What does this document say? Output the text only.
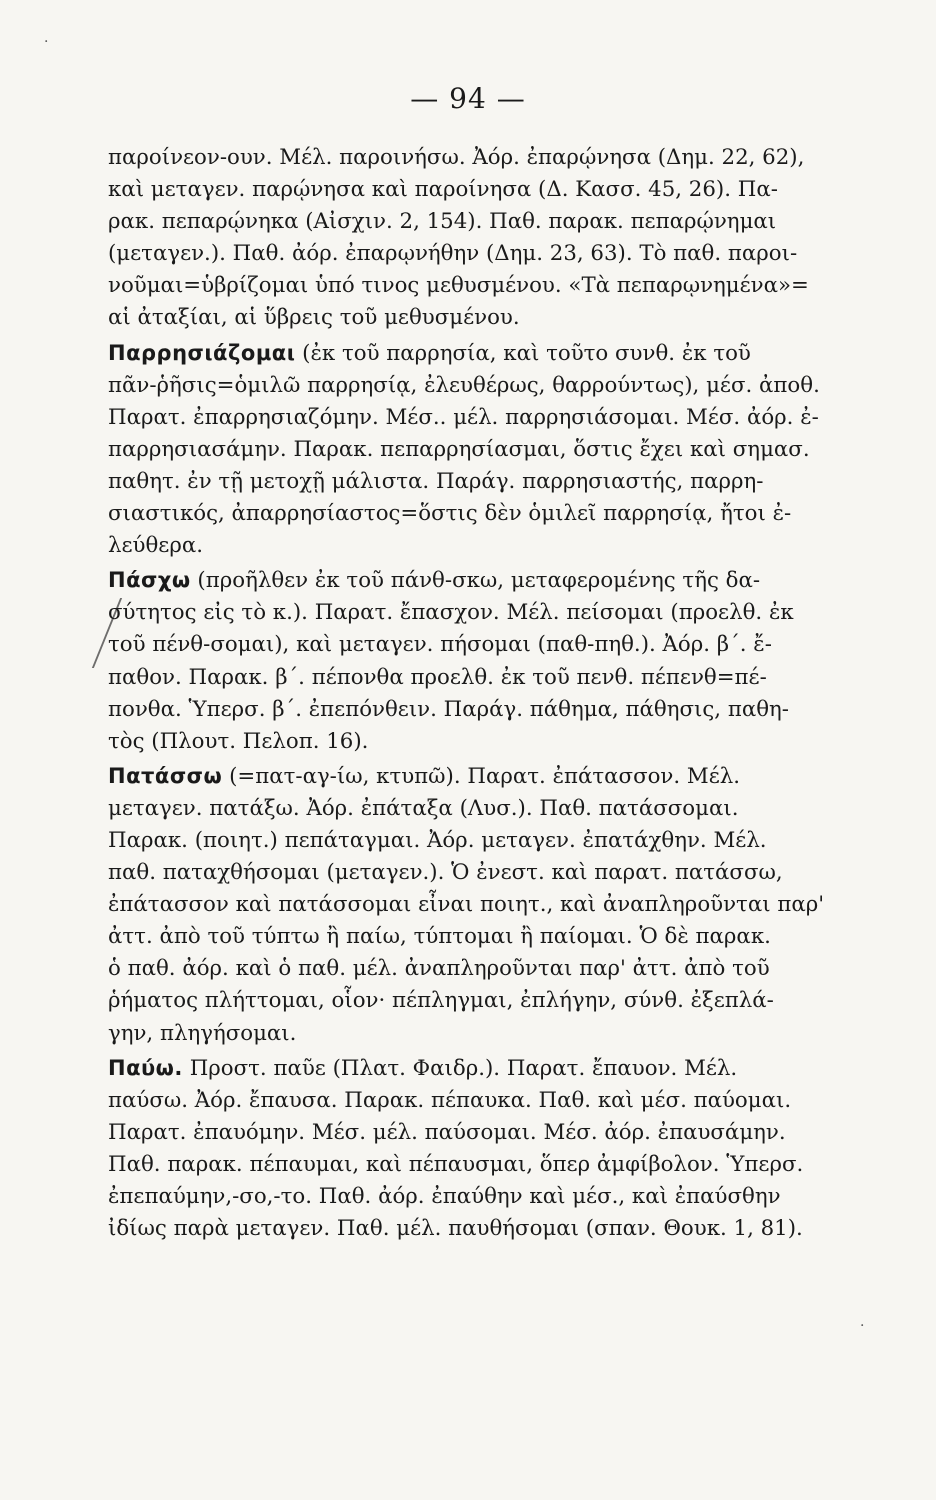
— 94 —
·
·

παροίνεον-ουν. Μέλ. παροινήσω. Ἀόρ. ἐπαρῴνησα (Δημ. 22, 62),
καὶ μεταγεν. παρῴνησα καὶ παροίνησα (Δ. Κασσ. 45, 26). Πα-
ρακ. πεπαρῴνηκα (Αἰσχιν. 2, 154). Παθ. παρακ. πεπαρῴνημαι
(μεταγεν.). Παθ. ἀόρ. ἐπαρῳνήθην (Δημ. 23, 63). Τὸ παθ. παροι-
νοῦμαι=ὑβρίζομαι ὑπό τινος μεθυσμένου. «Τὰ πεπαρῳνημένα»=
αἱ ἀταξίαι, αἱ ὕβρεις τοῦ μεθυσμένου.

Παρρησιάζομαι (ἐκ τοῦ παρρησία, καὶ τοῦτο συνθ. ἐκ τοῦ
πᾶν-ῥῆσις=ὁμιλῶ παρρησίᾳ, ἐλευθέρως, θαρρούντως), μέσ. ἀποθ.
Παρατ. ἐπαρρησιαζόμην. Μέσ.. μέλ. παρρησιάσομαι. Μέσ. ἀόρ. ἐ-
παρρησιασάμην. Παρακ. πεπαρρησίασμαι, ὅστις ἔχει καὶ σημασ.
παθητ. ἐν τῇ μετοχῇ μάλιστα. Παράγ. παρρησιαστής, παρρη-
σιαστικός, ἀπαρρησίαστος=ὅστις δὲν ὁμιλεῖ παρρησίᾳ, ἤτοι ἐ-
λεύθερα.

Πάσχω (προῆλθεν ἐκ τοῦ πάνθ-σκω, μεταφερομένης τῆς δα-
σύτητος εἰς τὸ κ.). Παρατ. ἔπασχον. Μέλ. πείσομαι (προελθ. ἐκ
τοῦ πένθ-σομαι), καὶ μεταγεν. πήσομαι (παθ-πηθ.). Ἀόρ. β΄. ἔ-
παθον. Παρακ. β΄. πέπονθα προελθ. ἐκ τοῦ πενθ. πέπενθ=πέ-
πονθα. Ὑπερσ. β΄. ἐπεπόνθειν. Παράγ. πάθημα, πάθησις, παθη-
τὸς (Πλουτ. Πελοπ. 16).

Πατάσσω (=πατ-αγ-ίω, κτυπῶ). Παρατ. ἐπάτασσον. Μέλ.
μεταγεν. πατάξω. Ἀόρ. ἐπάταξα (Λυσ.). Παθ. πατάσσομαι.
Παρακ. (ποιητ.) πεπάταγμαι. Ἀόρ. μεταγεν. ἐπατάχθην. Μέλ.
παθ. παταχθήσομαι (μεταγεν.). Ὁ ἐνεστ. καὶ παρατ. πατάσσω,
ἐπάτασσον καὶ πατάσσομαι εἶναι ποιητ., καὶ ἀναπληροῦνται παρ'
ἀττ. ἀπὸ τοῦ τύπτω ἢ παίω, τύπτομαι ἢ παίομαι. Ὁ δὲ παρακ.
ὁ παθ. ἀόρ. καὶ ὁ παθ. μέλ. ἀναπληροῦνται παρ' ἀττ. ἀπὸ τοῦ
ῥήματος πλήττομαι, οἷον· πέπληγμαι, ἐπλήγην, σύνθ. ἐξεπλά-
γην, πληγήσομαι.

Παύω. Προστ. παῦε (Πλατ. Φαιδρ.). Παρατ. ἔπαυον. Μέλ.
παύσω. Ἀόρ. ἔπαυσα. Παρακ. πέπαυκα. Παθ. καὶ μέσ. παύομαι.
Παρατ. ἐπαυόμην. Μέσ. μέλ. παύσομαι. Μέσ. ἀόρ. ἐπαυσάμην.
Παθ. παρακ. πέπαυμαι, καὶ πέπαυσμαι, ὅπερ ἀμφίβολον. Ὑπερσ.
ἐπεπαύμην,-σο,-το. Παθ. ἀόρ. ἐπαύθην καὶ μέσ., καὶ ἐπαύσθην
ἰδίως παρὰ μεταγεν. Παθ. μέλ. παυθήσομαι (σπαν. Θουκ. 1, 81).
